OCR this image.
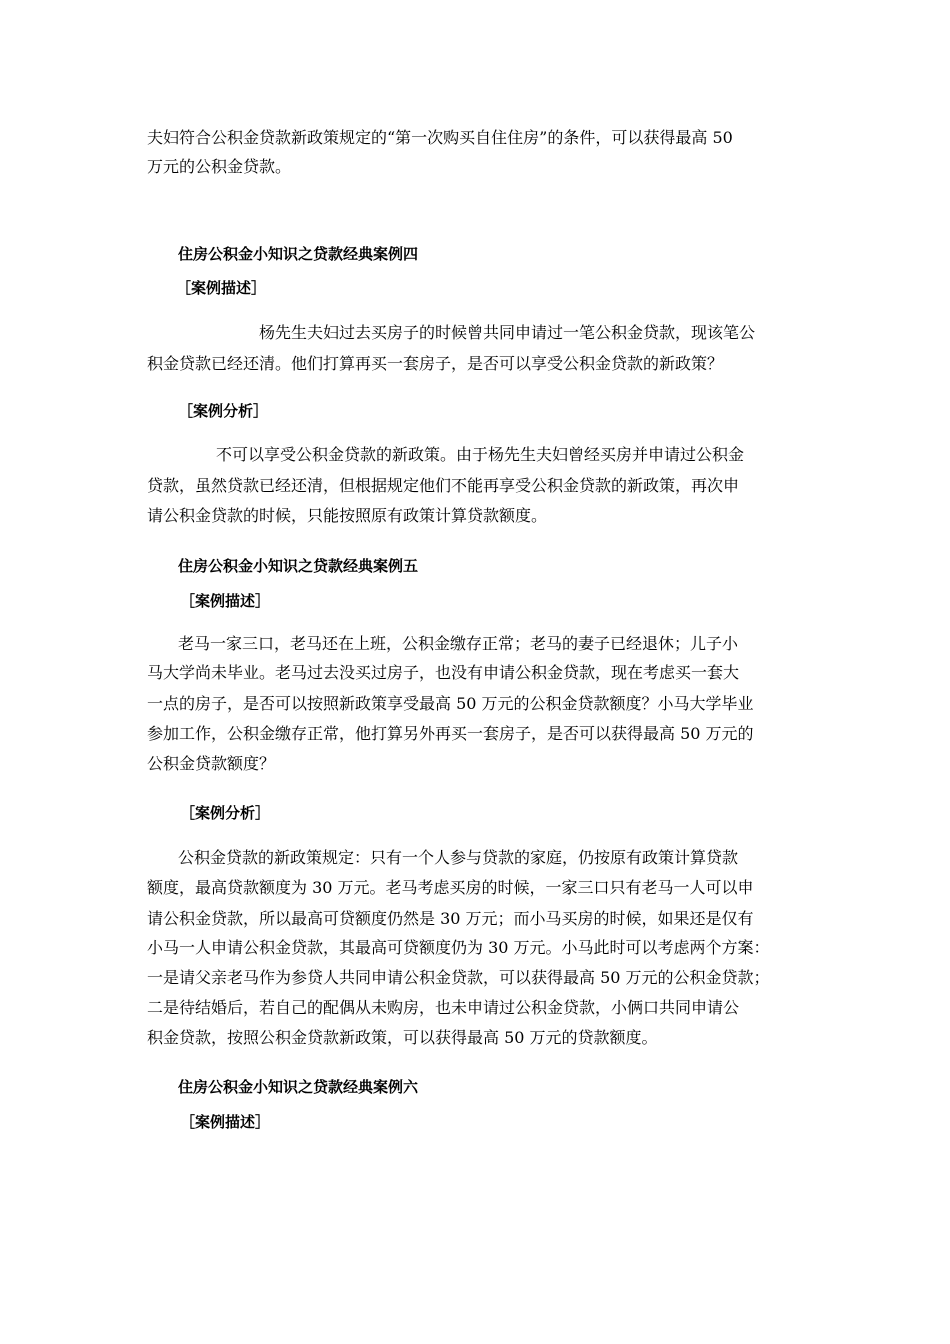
夫妇符合公积金贷款新政策规定的“第一次购买自住住房”的条件，可以获得最高 50
万元的公积金贷款。
住房公积金小知识之贷款经典案例四
［案例描述］
杨先生夫妇过去买房子的时候曾共同申请过一笔公积金贷款，现该笔公
积金贷款已经还清。他们打算再买一套房子，是否可以享受公积金贷款的新政策？
［案例分析］
不可以享受公积金贷款的新政策。由于杨先生夫妇曾经买房并申请过公积金
贷款，虽然贷款已经还清，但根据规定他们不能再享受公积金贷款的新政策，再次申
请公积金贷款的时候，只能按照原有政策计算贷款额度。
住房公积金小知识之贷款经典案例五
［案例描述］
老马一家三口，老马还在上班，公积金缴存正常；老马的妻子已经退休；儿子小
马大学尚未毕业。老马过去没买过房子，也没有申请公积金贷款，现在考虑买一套大
一点的房子，是否可以按照新政策享受最高 50 万元的公积金贷款额度？小马大学毕业
参加工作，公积金缴存正常，他打算另外再买一套房子，是否可以获得最高 50 万元的
公积金贷款额度？
［案例分析］
公积金贷款的新政策规定：只有一个人参与贷款的家庭，仍按原有政策计算贷款
额度，最高贷款额度为 30 万元。老马考虑买房的时候，一家三口只有老马一人可以申
请公积金贷款，所以最高可贷额度仍然是 30 万元；而小马买房的时候，如果还是仅有
小马一人申请公积金贷款，其最高可贷额度仍为 30 万元。小马此时可以考虑两个方案：
一是请父亲老马作为参贷人共同申请公积金贷款，可以获得最高 50 万元的公积金贷款；
二是待结婚后，若自己的配偶从未购房，也未申请过公积金贷款，小俩口共同申请公
积金贷款，按照公积金贷款新政策，可以获得最高 50 万元的贷款额度。
住房公积金小知识之贷款经典案例六
［案例描述］
